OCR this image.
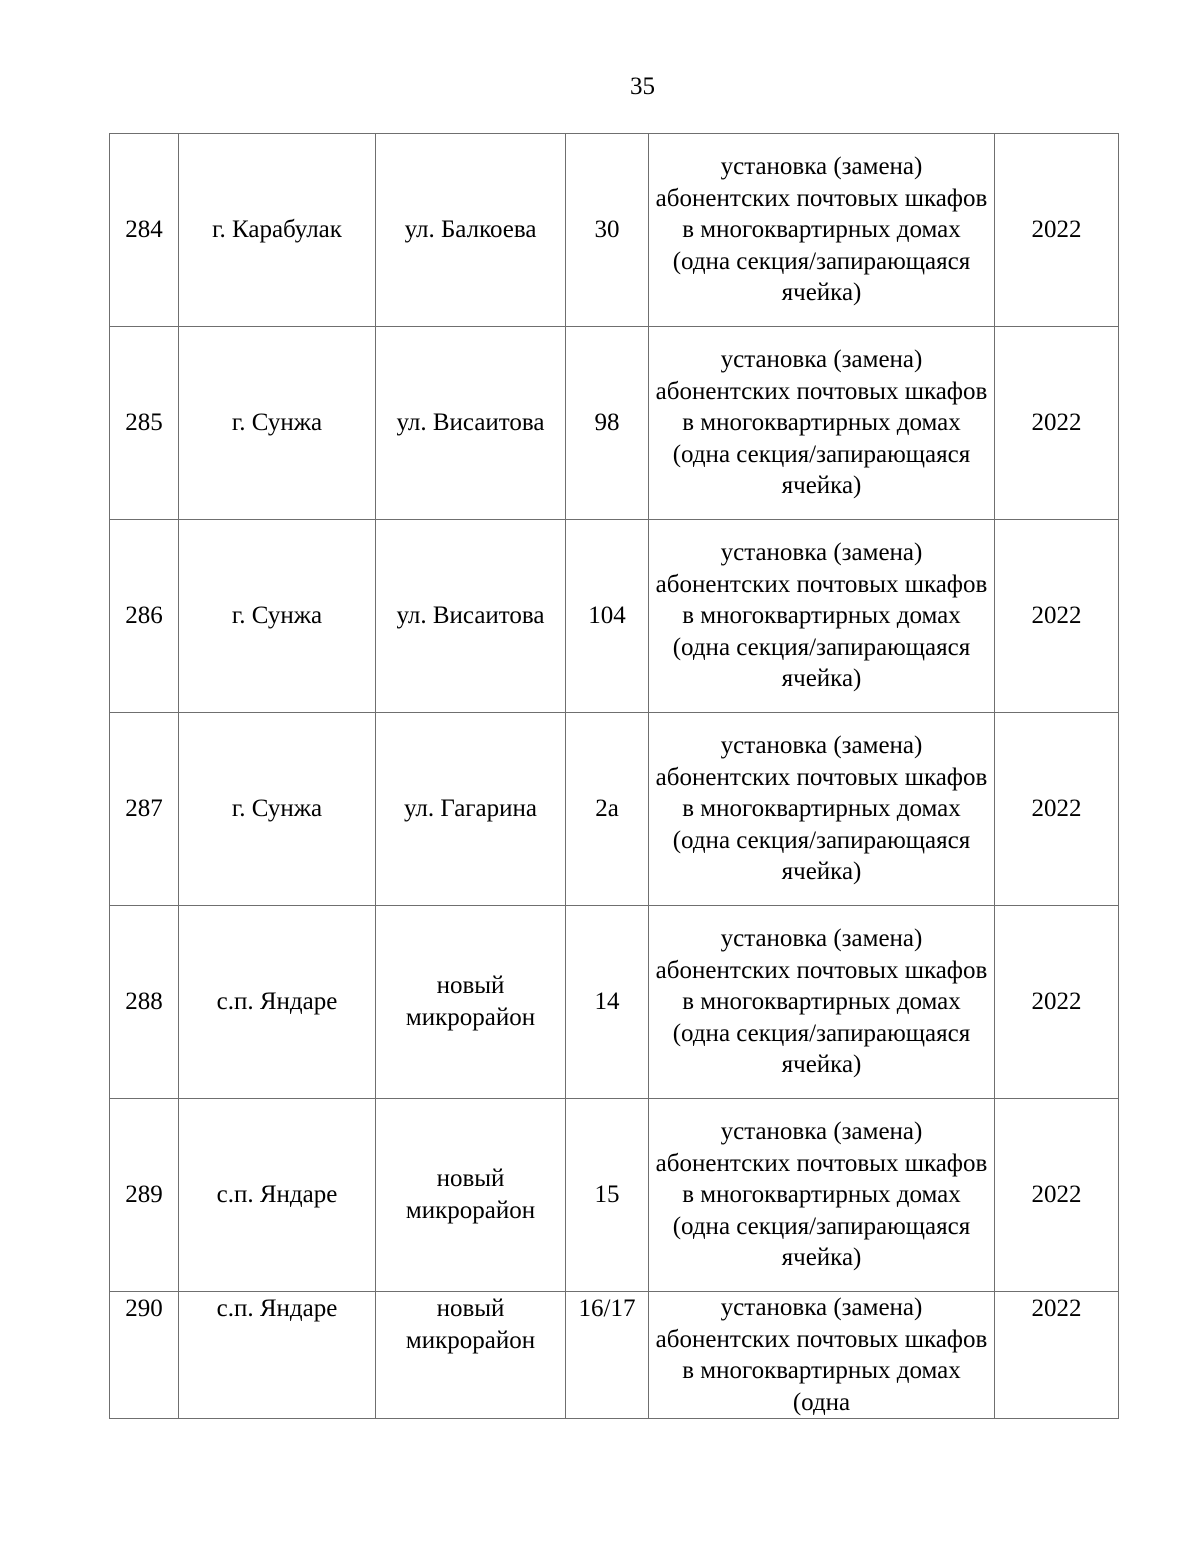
35
284	г. Карабулак	ул. Балкоева	30	установка (замена) абонентских почтовых шкафов в многоквартирных домах (одна секция/запирающаяся ячейка)	2022
285	г. Сунжа	ул. Висаитова	98	установка (замена) абонентских почтовых шкафов в многоквартирных домах (одна секция/запирающаяся ячейка)	2022
286	г. Сунжа	ул. Висаитова	104	установка (замена) абонентских почтовых шкафов в многоквартирных домах (одна секция/запирающаяся ячейка)	2022
287	г. Сунжа	ул. Гагарина	2а	установка (замена) абонентских почтовых шкафов в многоквартирных домах (одна секция/запирающаяся ячейка)	2022
288	с.п. Яндаре	новый микрорайон	14	установка (замена) абонентских почтовых шкафов в многоквартирных домах (одна секция/запирающаяся ячейка)	2022
289	с.п. Яндаре	новый микрорайон	15	установка (замена) абонентских почтовых шкафов в многоквартирных домах (одна секция/запирающаяся ячейка)	2022
290	с.п. Яндаре	новый микрорайон	16/17	установка (замена) абонентских почтовых шкафов в многоквартирных домах (одна	2022
